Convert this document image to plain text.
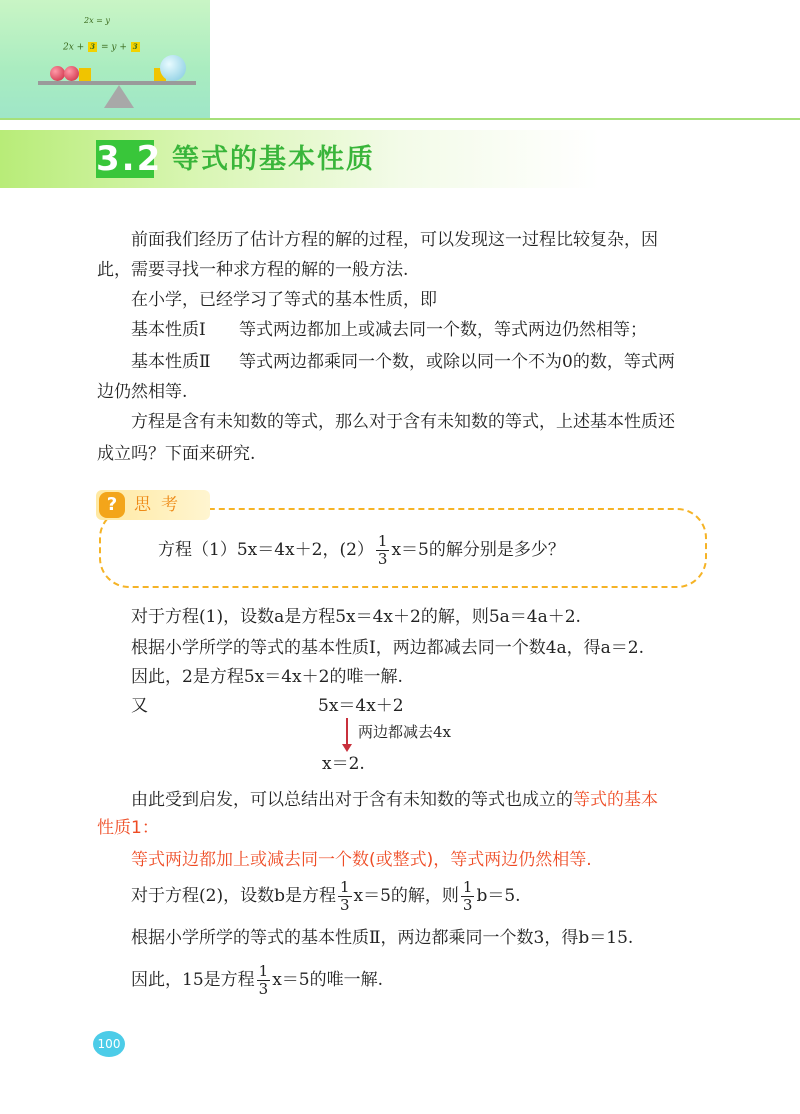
2x = y
2x + 3 = y + 3
3.2 等式的基本性质
前面我们经历了估计方程的解的过程，可以发现这一过程比较复杂，因
此，需要寻找一种求方程的解的一般方法.
在小学，已经学习了等式的基本性质，即
基本性质Ⅰ 等式两边都加上或减去同一个数，等式两边仍然相等；
基本性质Ⅱ 等式两边都乘同一个数，或除以同一个不为0的数，等式两
边仍然相等.
方程是含有未知数的等式，那么对于含有未知数的等式，上述基本性质还
成立吗？下面来研究.
? 思考
方程（1）5x＝4x＋2，$(2) \frac{1}{3} x=5$的解分别是多少？
对于方程(1)，设数a是方程5x＝4x＋2的解，则5a＝4a＋2.
根据小学所学的等式的基本性质Ⅰ，两边都减去同一个数4a，得a＝2.
因此，2是方程5x＝4x＋2的唯一解.
又	5x＝4x＋2
两边都减去4x
x＝2.
由此受到启发，可以总结出对于含有未知数的等式也成立的等式的基本
性质1：
等式两边都加上或减去同一个数(或整式)，等式两边仍然相等.
对于方程(2)，设数b是方程 $\frac{1}{3} x=5$的解，则 $\frac{1}{3} b=5$.
根据小学所学的等式的基本性质Ⅱ，两边都乘同一个数3，得b＝15.
因此，15是方程 $\frac{1}{3} x=5$的唯一解.
100
